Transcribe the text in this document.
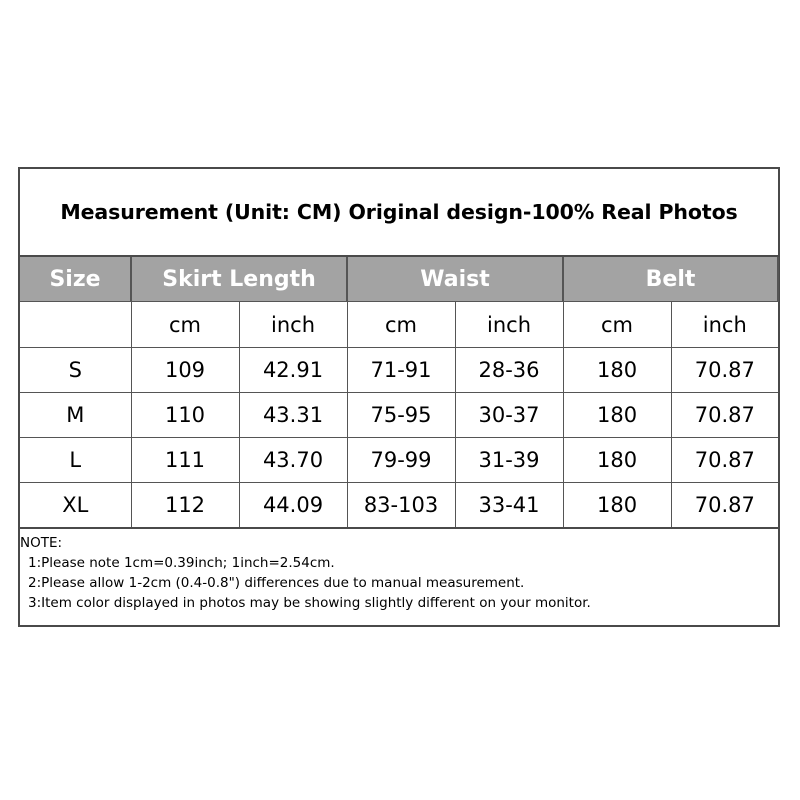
Measurement (Unit: CM) Original design-100% Real Photos
Size	Skirt Length		Waist		Belt	
	cm	inch	cm	inch	cm	inch
S	109	42.91	71-91	28-36	180	70.87
M	110	43.31	75-95	30-37	180	70.87
L	111	43.70	79-99	31-39	180	70.87
XL	112	44.09	83-103	33-41	180	70.87
NOTE:
1:Please note 1cm=0.39inch; 1inch=2.54cm.
2:Please allow 1-2cm (0.4-0.8") differences due to manual measurement.
3:Item color displayed in photos may be showing slightly different on your monitor.
